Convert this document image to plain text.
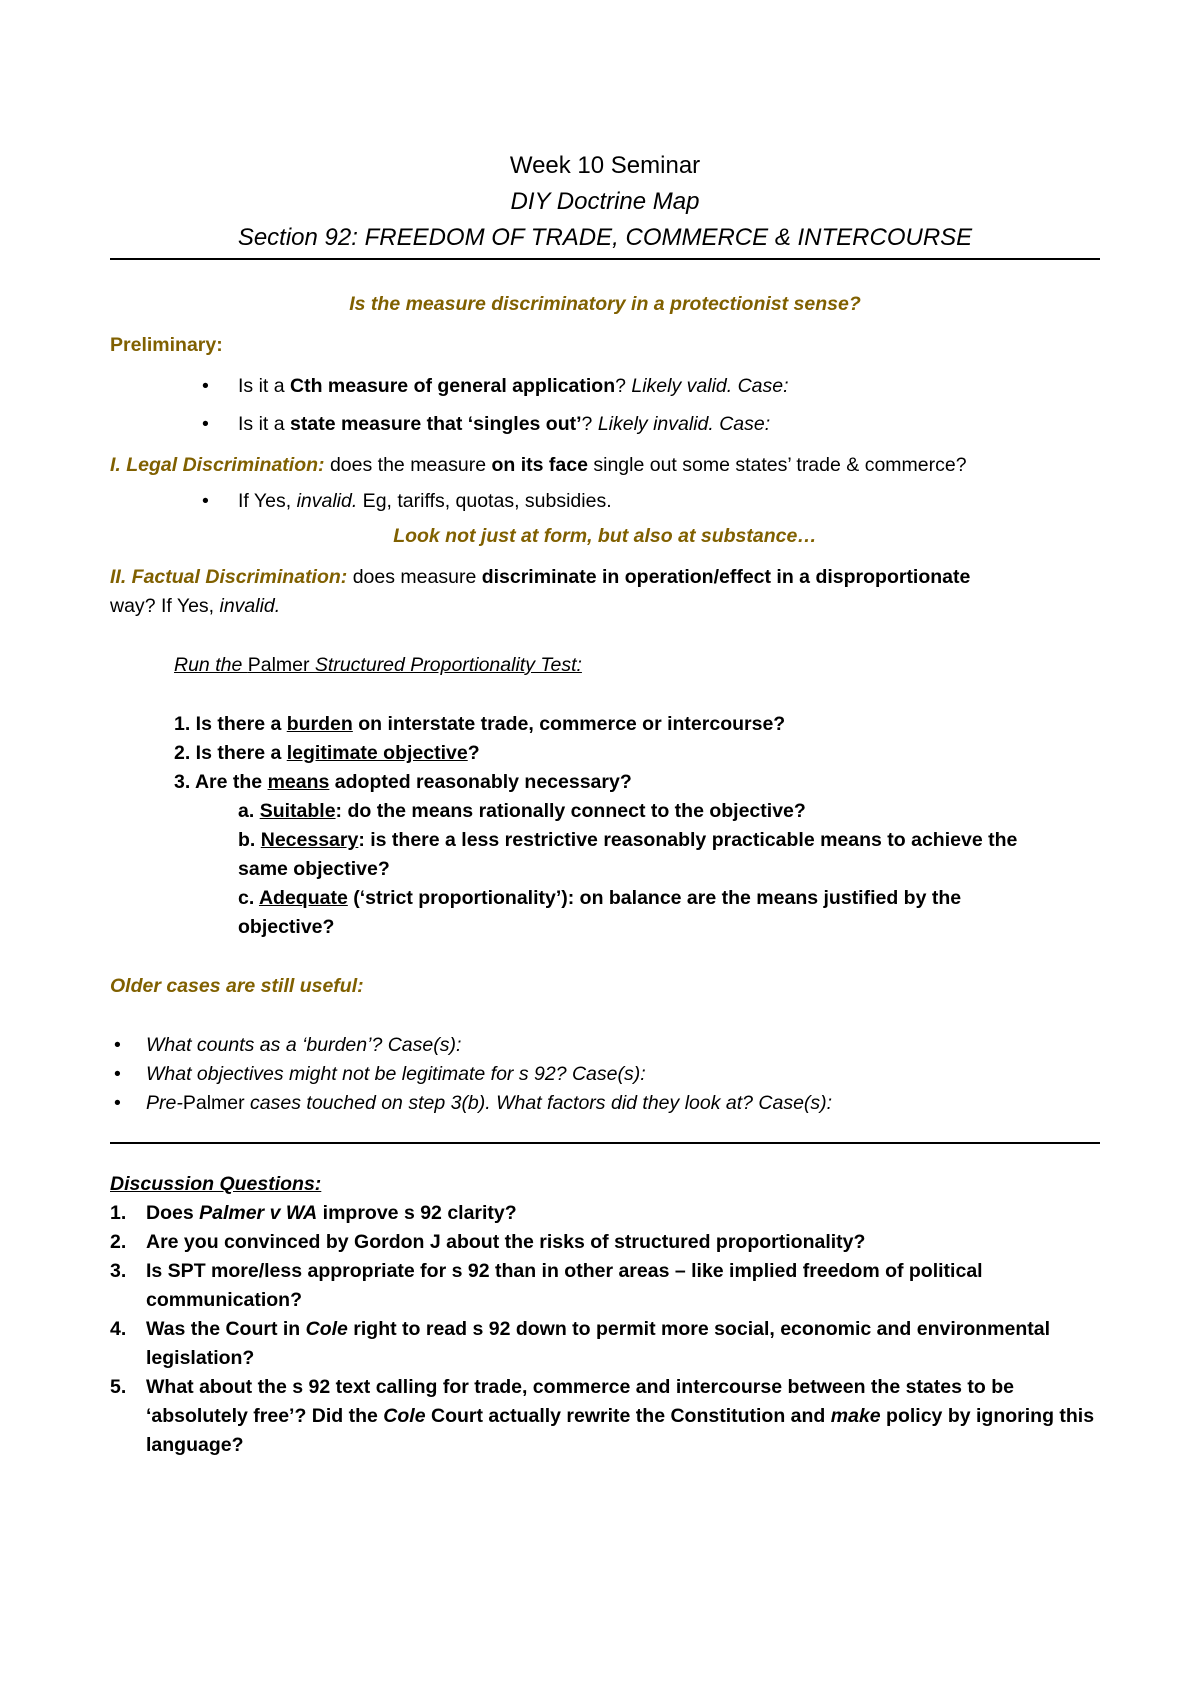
Week 10 Seminar
DIY Doctrine Map
Section 92: FREEDOM OF TRADE, COMMERCE & INTERCOURSE
Is the measure discriminatory in a protectionist sense?
Preliminary:
• Is it a Cth measure of general application? Likely valid. Case:
• Is it a state measure that ‘singles out’? Likely invalid. Case:
I. Legal Discrimination: does the measure on its face single out some states’ trade & commerce?
• If Yes, invalid. Eg, tariffs, quotas, subsidies.
Look not just at form, but also at substance…
II. Factual Discrimination: does measure discriminate in operation/effect in a disproportionate
way? If Yes, invalid.
Run the Palmer Structured Proportionality Test:
1. Is there a burden on interstate trade, commerce or intercourse?
2. Is there a legitimate objective?
3. Are the means adopted reasonably necessary?
a. Suitable: do the means rationally connect to the objective?
b. Necessary: is there a less restrictive reasonably practicable means to achieve the
same objective?
c. Adequate (‘strict proportionality’): on balance are the means justified by the
objective?
Older cases are still useful:
• What counts as a ‘burden’? Case(s):
• What objectives might not be legitimate for s 92? Case(s):
• Pre-Palmer cases touched on step 3(b). What factors did they look at? Case(s):
Discussion Questions:
1. Does Palmer v WA improve s 92 clarity?
2. Are you convinced by Gordon J about the risks of structured proportionality?
3. Is SPT more/less appropriate for s 92 than in other areas – like implied freedom of political communication?
4. Was the Court in Cole right to read s 92 down to permit more social, economic and environmental legislation?
5. What about the s 92 text calling for trade, commerce and intercourse between the states to be ‘absolutely free’? Did the Cole Court actually rewrite the Constitution and make policy by ignoring this language?
